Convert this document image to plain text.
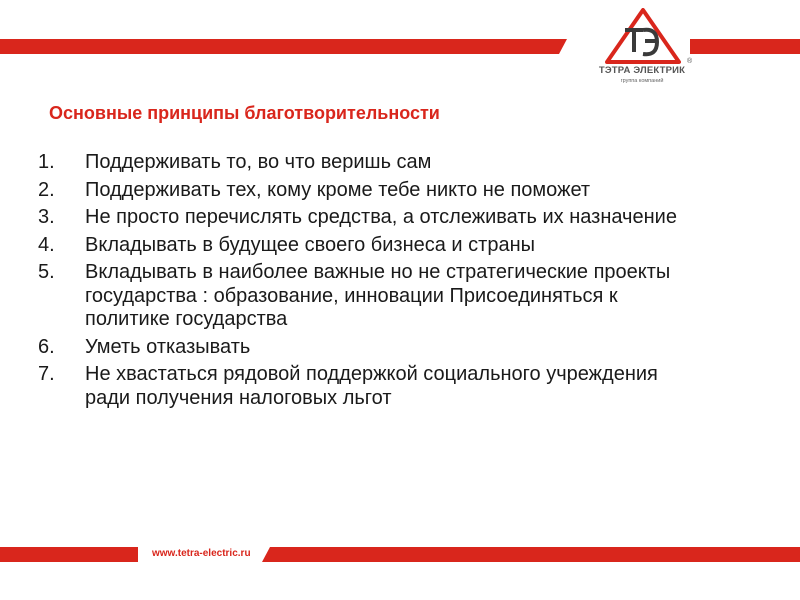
ТЭТРА ЭЛЕКТРИК
®
группа компаний
Основные принципы благотворительности
1. Поддерживать то, во что веришь сам
2. Поддерживать тех, кому кроме тебе никто не поможет
3. Не просто перечислять средства, а отслеживать их назначение
4. Вкладывать в будущее своего бизнеса и страны
5. Вкладывать в наиболее важные но не стратегические проекты государства : образование, инновации Присоединяться к политике государства
6. Уметь отказывать
7. Не хвастаться рядовой поддержкой социального учреждения ради получения налоговых льгот
www.tetra-electric.ru
